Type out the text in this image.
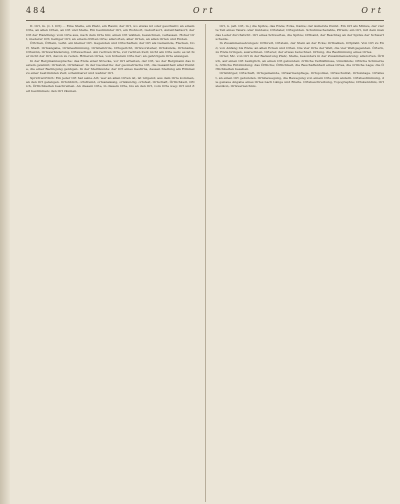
484	Ort	Ort

II. Ort, m. (v. I. Ort) ... Eine Stelle, ein Platz, ein Raum; der Ort, wo etwas ist oder geschieht; an einem Orte, an allen Orten, an Ort und Stelle. Ein bestimmter Ort, ein Wohnort, Geburtsort, Aufenthaltsort; der Ort der Handlung; vom Orte aus, nach dem Orte hin; einen Ort wählen, bezeichnen, verlassen. Hoher Ort, niederer Ort; heiliger Ort; an einem dritten Orte; allerorten, aller Orten, an allen Orten und Enden.

Örtchen, Örtlein, verkl. ein kleiner Ort. Gegenden und Ortschaften; der Ort als Gemeinde, Flecken, Dorf, Stadt. Ortsangabe, Ortsbestimmung, Ortsbehörde, Ortsgericht, Ortsvorsteher, Ortskunde, Ortsname, Ortssinn, Ortsveränderung, Ortswechsel. Am rechten Orte, zur rechten Zeit; nicht am Orte sein; es ist hier nicht der Ort, davon zu reden. Höheren Ortes, von höherem Orte her; an gehörigem Orte anzeigen.

In der Bergmannssprache: das Ende einer Strecke, vor Ort arbeiten, der Ort, wo der Bergmann das Gestein gewinnt; Ortsstoß, Ortshauer. In der Geometrie: der geometrische Ort, die Gesamtheit aller Punkte, die einer Bedingung genügen. In der Sternkunde: der Ort eines Gestirns, dessen Stellung am Himmel zu einer bestimmten Zeit; scheinbarer und wahrer Ort.

Sprichwörtlich: Ein jeder Ort hat seine Art; wer an allen Orten ist, ist nirgend; aus dem Orte kommen, an den Ort gelangen. Ortsüblich, ortsfremd, ortsansässig, ortskundig, ortsfest, Ortschaft, Örtlichkeit, örtlich, Örtlichkeiten beschreiben. An diesem Orte, in diesem Orte, bis an den Ort, vom Orte weg; Ort und Zeit bestimmen; den Ort räumen.

Ort, n. (alt. Ort, m.) die Spitze, das Ende; Ecke, Kante; der äußerste Punkt. Ein Ort als Münze, der vierte Teil eines Talers oder Guldens; Ortstaler, Ortsgulden. Schuhmacherahle, Pfriem; ein Ort, mit dem man das Leder durchsticht. Ort eines Schwertes, die Spitze; Ortband, der Beschlag an der Spitze der Schwertscheide.

In Zusammensetzungen: Ortbrett, Ortstein, der Stein an der Ecke; Ortbalken, Ortpfahl. Von Ort zu End, von Anfang bis Ende; an allen Ecken und Orten. Die vier Orte der Welt, die vier Weltgegenden. Örtern, zu Ende bringen, ausrechnen. Orterer, der etwas berechnet. Ortung, die Bestimmung eines Ortes.

Orter, Mz. von Ort in der Bedeutung Platz, Stelle, besonders in der Zusammensetzung: allerorten. Örtlich, auf einen Ort bezüglich, an einen Ort gebunden; örtliche Verhältnisse, Umstände; örtliche Schmerzen, örtliche Entzündung; das Örtliche; Örtlichkeit, die Beschaffenheit eines Ortes, die örtliche Lage; die Örtlichkeiten besehen.

Ortsbürger, Ortschaft, Ortsgemeinde, Ortsarmenpflege, Ortspolizei, Ortsschulrat, Ortszulage. Ortsfest, an einen Ort gebunden. Ortsbewegung, die Bewegung von einem Orte zum andern. Ortsbestimmung, die genaue Angabe eines Ortes nach Länge und Breite. Ortsbeschreibung, Topographie; Ortskenntnis, Ortslexikon, Ortsverzeichnis.
